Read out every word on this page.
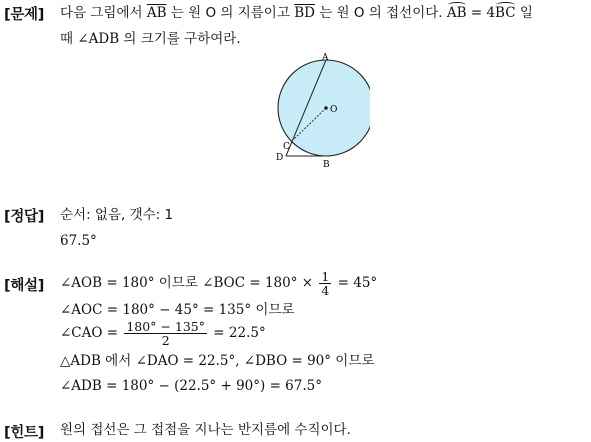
[문제] 다음 그림에서 $\overline{AB}$ 는 원 O 의 지름이고 $\overline{BD}$ 는 원 O 의 접선이다. AB = 4BC 일
때 ∠ADB 의 크기를 구하여라.
A
O
C
D
B
[정답] 순서: 없음, 갯수: 1
67.5°
[해설] ∠AOB = 180° 이므로 ∠BOC = $180^\circ \times \frac{1}{4} = 45^\circ$
∠AOC = 180° − 45° = 135° 이므로
∠CAO = $\frac{180^\circ - 135^\circ}{2} = 22.5^\circ$
△ADB 에서 ∠DAO = 22.5°, ∠DBO = 90° 이므로
∠ADB = 180° − (22.5° + 90°) = 67.5°
[힌트] 원의 접선은 그 접점을 지나는 반지름에 수직이다.
